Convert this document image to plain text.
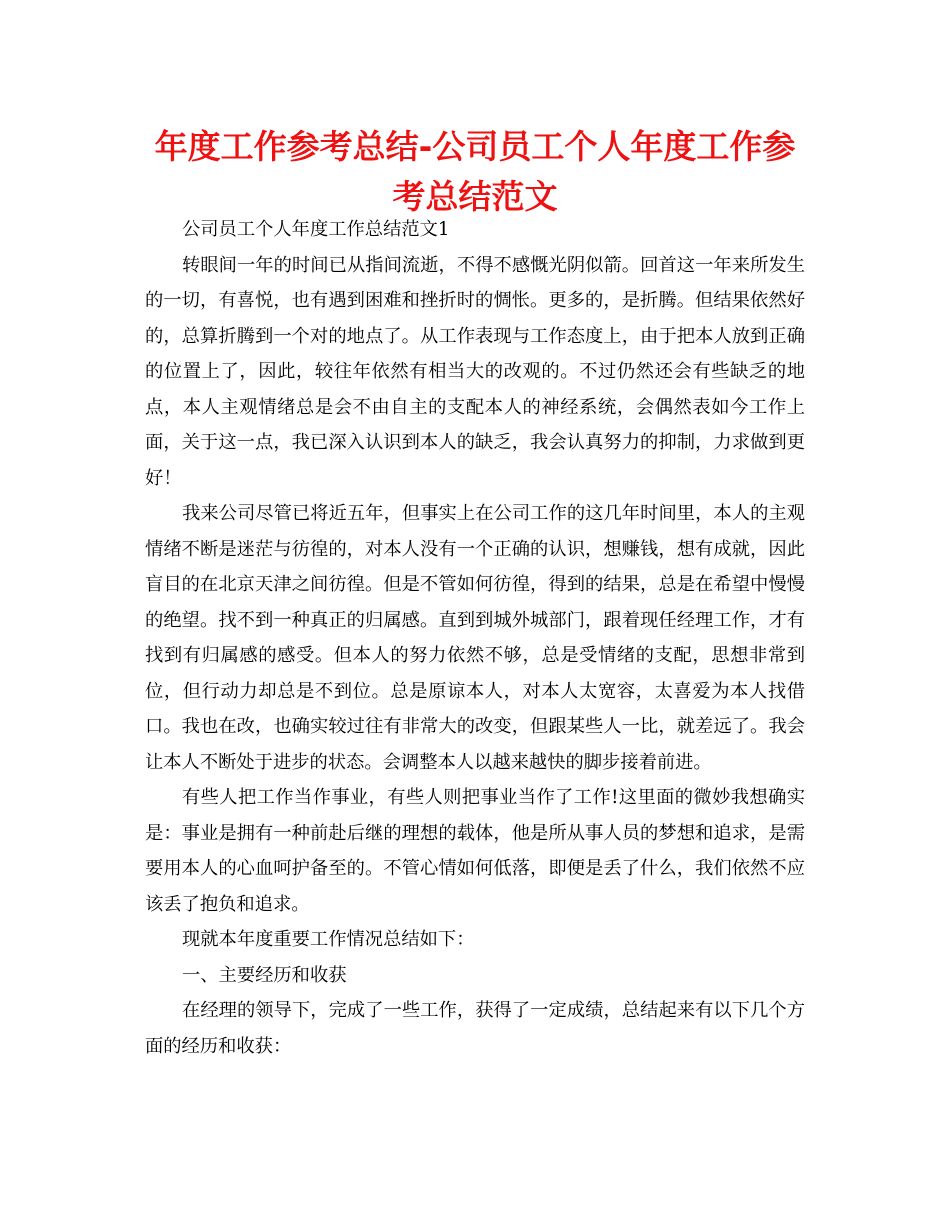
年度工作参考总结-公司员工个人年度工作参考总结范文

公司员工个人年度工作总结范文1

转眼间一年的时间已从指间流逝，不得不感慨光阴似箭。回首这一年来所发生的一切，有喜悦，也有遇到困难和挫折时的惆怅。更多的，是折腾。但结果依然好的，总算折腾到一个对的地点了。从工作表现与工作态度上，由于把本人放到正确的位置上了，因此，较往年依然有相当大的改观的。不过仍然还会有些缺乏的地点，本人主观情绪总是会不由自主的支配本人的神经系统，会偶然表如今工作上面，关于这一点，我已深入认识到本人的缺乏，我会认真努力的抑制，力求做到更好！

我来公司尽管已将近五年，但事实上在公司工作的这几年时间里，本人的主观情绪不断是迷茫与彷徨的，对本人没有一个正确的认识，想赚钱，想有成就，因此盲目的在北京天津之间彷徨。但是不管如何彷徨，得到的结果，总是在希望中慢慢的绝望。找不到一种真正的归属感。直到到城外城部门，跟着现任经理工作，才有找到有归属感的感受。但本人的努力依然不够，总是受情绪的支配，思想非常到位，但行动力却总是不到位。总是原谅本人，对本人太宽容，太喜爱为本人找借口。我也在改，也确实较过往有非常大的改变，但跟某些人一比，就差远了。我会让本人不断处于进步的状态。会调整本人以越来越快的脚步接着前进。

有些人把工作当作事业，有些人则把事业当作了工作!这里面的微妙我想确实是：事业是拥有一种前赴后继的理想的载体，他是所从事人员的梦想和追求，是需要用本人的心血呵护备至的。不管心情如何低落，即便是丢了什么，我们依然不应该丢了抱负和追求。

现就本年度重要工作情况总结如下：

一、主要经历和收获

在经理的领导下，完成了一些工作，获得了一定成绩，总结起来有以下几个方面的经历和收获：
